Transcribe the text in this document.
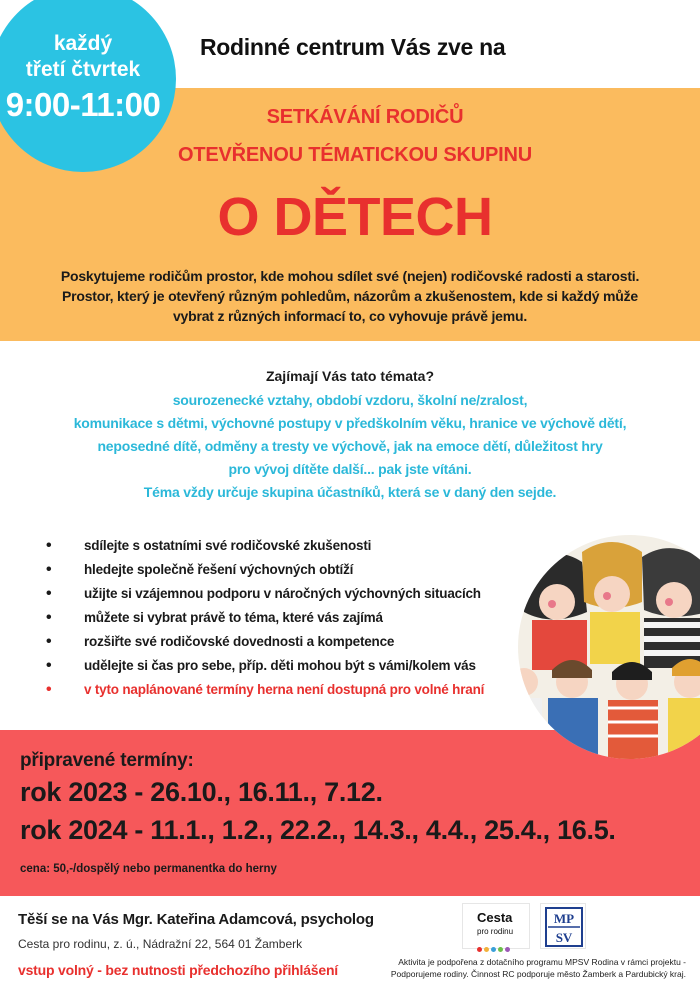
každý
třetí čtvrtek
9:00-11:00
Rodinné centrum Vás zve na
SETKÁVÁNÍ RODIČŮ
OTEVŘENOU TÉMATICKOU SKUPINU
O DĚTECH
Poskytujeme rodičům prostor, kde mohou sdílet své (nejen) rodičovské radosti a starosti.
Prostor, který je otevřený různým pohledům, názorům a zkušenostem, kde si každý může
vybrat z různých informací to, co vyhovuje právě jemu.
Zajímají Vás tato témata?
sourozenecké vztahy, období vzdoru, školní ne/zralost,
komunikace s dětmi, výchovné postupy v předškolním věku, hranice ve výchově dětí,
neposedné dítě, odměny a tresty ve výchově, jak na emoce dětí, důležitost hry
pro vývoj dítěte další... pak jste vítáni.
Téma vždy určuje skupina účastníků, která se v daný den sejde.
• sdílejte s ostatními své rodičovské zkušenosti
• hledejte společně řešení výchovných obtíží
• užijte si vzájemnou podporu v náročných výchovných situacích
• můžete si vybrat právě to téma, které vás zajímá
• rozšiřte své rodičovské dovednosti a kompetence
• udělejte si čas pro sebe, příp. děti mohou být s vámi/kolem vás
• v tyto naplánované termíny herna není dostupná pro volné hraní
připravené termíny:
rok 2023 - 26.10., 16.11., 7.12.
rok 2024 - 11.1., 1.2., 22.2., 14.3., 4.4., 25.4., 16.5.
cena: 50,-/dospělý nebo permanentka do herny
Těší se na Vás Mgr. Kateřina Adamcová, psycholog
Cesta pro rodinu, z. ú., Nádražní 22, 564 01 Žamberk
vstup volný - bez nutnosti předchozího přihlášení
Cesta
pro rodinu
MP
SV
Aktivita je podpořena z dotačního programu MPSV Rodina v rámci projektu -
Podporujeme rodiny. Činnost RC podporuje město Žamberk a Pardubický kraj.
